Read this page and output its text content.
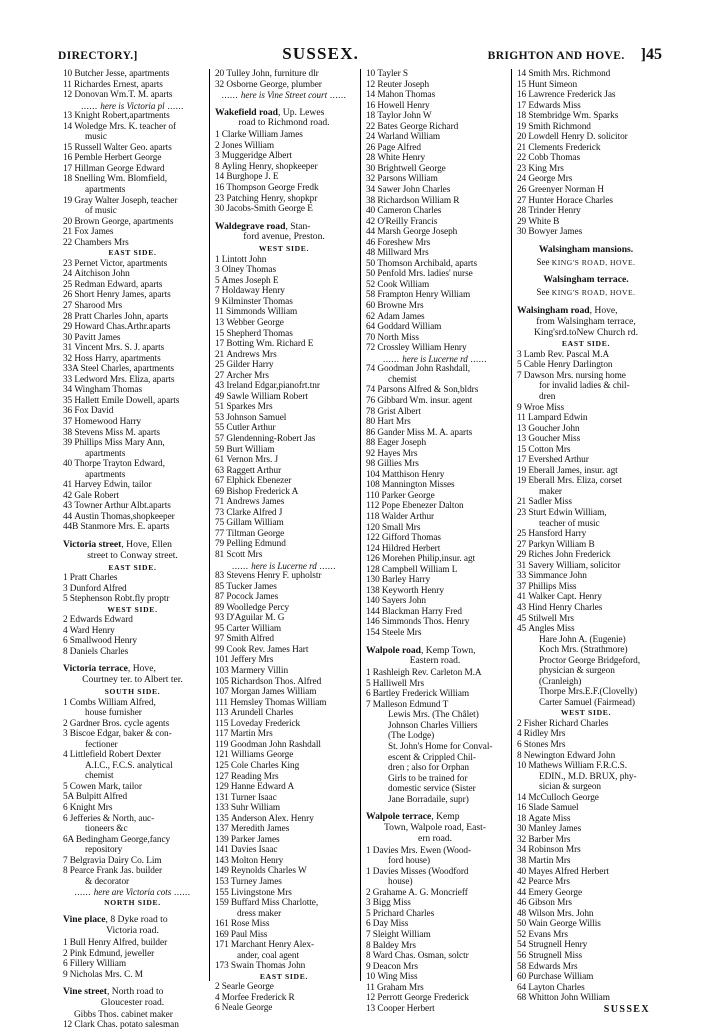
DIRECTORY.]	SUSSEX.	BRIGHTON AND HOVE. ]45

10 Butcher Jesse, apartments

11 Richardes Ernest, aparts

12 Donovan Wm.T. M. aparts

...... here is Victoria pl ......

13 Knight Robert,apartments

14 Woledge Mrs. K. teacher of

music

15 Russell Walter Geo. aparts

16 Pemble Herbert George

17 Hillman George Edward

18 Snelling Wm. Blomfield,

apartments

19 Gray Walter Joseph, teacher

of music

20 Brown George, apartments

21 Fox James

22 Chambers Mrs

EAST SIDE.

23 Pernet Victor, apartments

24 Aitchison John

25 Redman Edward, aparts

26 Short Henry James, aparts

27 Sharood Mrs

28 Pratt Charles John, aparts

29 Howard Chas.Arthr.aparts

30 Pavitt James

31 Vincent Mrs. S. J. aparts

32 Hoss Harry, apartments

33A Steel Charles, apartments

33 Ledword Mrs. Eliza, aparts

34 Wingham Thomas

35 Hallett Emile Dowell, aparts

36 Fox David

37 Homewood Harry

38 Stevens Miss M. aparts

39 Phillips Miss Mary Ann,

apartments

40 Thorpe Trayton Edward,

apartments

41 Harvey Edwin, tailor

42 Gale Robert

43 Towner Arthur Albt.aparts

44 Austin Thomas,shopkeeper

44B Stanmore Mrs. E. aparts

Victoria street, Hove, Ellen

street to Conway street.

EAST SIDE.

1 Pratt Charles

3 Dunford Alfred

5 Stephenson Robt.fly proptr

WEST SIDE.

2 Edwards Edward

4 Ward Henry

6 Smallwood Henry

8 Daniels Charles

Victoria terrace, Hove,

Courtney ter. to Albert ter.

SOUTH SIDE.

1 Combs William Alfred,

house furnisher

2 Gardner Bros. cycle agents

3 Biscoe Edgar, baker & con-

fectioner

4 Littlefield Robert Dexter

A.I.C., F.C.S. analytical

chemist

5 Cowen Mark, tailor

5A Bulpitt Alfred

6 Knight Mrs

6 Jefferies & North, auc-

tioneers &c

6A Bedingham George,fancy

repository

7 Belgravia Dairy Co. Lim

8 Pearce Frank Jas. builder

& decorator

...... here are Victoria cots ......

NORTH SIDE.

Vine place, 8 Dyke road to

Victoria road.

1 Bull Henry Alfred, builder

2 Pink Edmund, jeweller

6 Fillery William

9 Nicholas Mrs. C. M

Vine street, North road to

Gloucester road.

Gibbs Thos. cabinet maker

12 Clark Chas. potato salesman

20 Tulley John, furniture dlr

32 Osborne George, plumber

...... here is Vine Street court ......

Wakefield road, Up. Lewes

road to Richmond road.

1 Clarke William James

2 Jones William

3 Muggeridge Albert

8 Ayling Henry, shopkeeper

14 Burghope J. E

16 Thompson George Fredk

23 Patching Henry, shopkpr

30 Jacobs-Smith George E

Waldegrave road, Stan-

ford avenue, Preston.

WEST SIDE.

1 Lintott John

3 Olney Thomas

5 Ames Joseph E

7 Holdaway Henry

9 Kilminster Thomas

11 Simmonds William

13 Webber George

15 Shepherd Thomas

17 Botting Wm. Richard E

21 Andrews Mrs

25 Gilder Harry

27 Archer Mrs

43 Ireland Edgar,pianofrt.tnr

49 Sawle William Robert

51 Sparkes Mrs

53 Johnson Samuel

55 Cutler Arthur

57 Glendenning-Robert Jas

59 Burt William

61 Vernon Mrs. J

63 Raggett Arthur

67 Elphick Ebenezer

69 Bishop Frederick A

71 Andrews James

73 Clarke Alfred J

75 Gillam William

77 Tiltman George

79 Pelling Edmund

81 Scott Mrs

...... here is Lucerne rd ......

83 Stevens Henry F. upholstr

85 Tucker James

87 Pocock James

89 Woolledge Percy

93 D'Aguilar M. G

95 Carter William

97 Smith Alfred

99 Cook Rev. James Hart

101 Jeffery Mrs

103 Marmery Villin

105 Richardson Thos. Alfred

107 Morgan James William

111 Hemsley Thomas William

113 Arundell Charles

115 Loveday Frederick

117 Martin Mrs

119 Goodman John Rashdall

121 Williams George

125 Cole Charles King

127 Reading Mrs

129 Hanne Edward A

131 Turner Isaac

133 Suhr William

135 Anderson Alex. Henry

137 Meredith James

139 Parker James

141 Davies Isaac

143 Molton Henry

149 Reynolds Charles W

153 Turney James

155 Livingstone Mrs

159 Buffard Miss Charlotte,

dress maker

161 Rose Miss

169 Paul Miss

171 Marchant Henry Alex-

ander, coal agent

173 Swain Thomas John

EAST SIDE.

2 Searle George

4 Morfee Frederick R

6 Neale George

10 Tayler S

12 Reuter Joseph

14 Mahon Thomas

16 Howell Henry

18 Taylor John W

22 Bates George Richard

24 Warland William

26 Page Alfred

28 White Henry

30 Brightwell George

32 Parsons William

34 Sawer John Charles

38 Richardson William R

40 Cameron Charles

42 O'Reilly Francis

44 Marsh George Joseph

46 Foreshew Mrs

48 Millward Mrs

50 Thomson Archibald, aparts

50 Penfold Mrs. ladies' nurse

52 Cook William

58 Frampton Henry William

60 Browne Mrs

62 Adam James

64 Goddard William

70 North Miss

72 Crossley William Henry

...... here is Lucerne rd ......

74 Goodman John Rashdall,

chemist

74 Parsons Alfred & Son,bldrs

76 Gibbard Wm. insur. agent

78 Grist Albert

80 Hart Mrs

86 Gander Miss M. A. aparts

88 Eager Joseph

92 Hayes Mrs

98 Gillies Mrs

104 Matthison Henry

108 Mannington Misses

110 Parker George

112 Pope Ebenezer Dalton

118 Walder Arthur

120 Small Mrs

122 Gifford Thomas

124 Hildred Herbert

126 Morehen Philip,insur. agt

128 Campbell William L

130 Barley Harry

138 Keyworth Henry

140 Sayers John

144 Blackman Harry Fred

146 Simmonds Thos. Henry

154 Steele Mrs

Walpole road, Kemp Town,

Eastern road.

1 Rashleigh Rev. Carleton M.A

5 Halliwell Mrs

6 Bartley Frederick William

7 Malleson Edmund T

Lewis Mrs. (The Châlet)

Johnson Charles Villiers

(The Lodge)

St. John's Home for Conval-

escent & Crippled Chil-

dren ; also for Orphan

Girls to be trained for

domestic service (Sister

Jane Borradaile, supr)

Walpole terrace, Kemp

Town, Walpole road, East-

ern road.

1 Davies Mrs. Ewen (Wood-

ford house)

1 Davies Misses (Woodford

house)

2 Grahame A. G. Moncrieff

3 Bigg Miss

5 Prichard Charles

6 Day Miss

7 Sleight William

8 Baldey Mrs

8 Ward Chas. Osman, solctr

9 Deacon Mrs

10 Wing Miss

11 Graham Mrs

12 Perrott George Frederick

13 Cooper Herbert

14 Smith Mrs. Richmond

15 Hunt Simeon

16 Lawrence Frederick Jas

17 Edwards Miss

18 Stembridge Wm. Sparks

19 Smith Richmond

20 Lowdell Henry D. solicitor

21 Clements Frederick

22 Cobb Thomas

23 King Mrs

24 George Mrs

26 Greenyer Norman H

27 Hunter Horace Charles

28 Trinder Henry

29 White B

30 Bowyer James

Walsingham mansions.

See KING'S ROAD, HOVE.

Walsingham terrace.

See KING'S ROAD, HOVE.

Walsingham road, Hove,

from Walsingham terrace,

King'srd.toNew Church rd.

EAST SIDE.

3 Lamb Rev. Pascal M.A

5 Cable Henry Darlington

7 Dawson Mrs. nursing home

for invalid ladies & chil-

dren

9 Wroe Miss

11 Lampard Edwin

13 Goucher John

13 Goucher Miss

15 Cotton Mrs

17 Evershed Arthur

19 Eberall James, insur. agt

19 Eberall Mrs. Eliza, corset

maker

21 Sadler Miss

23 Sturt Edwin William,

teacher of music

25 Hansford Harry

27 Parkyn William B

29 Riches John Frederick

31 Savery William, solicitor

33 Simmance John

37 Phillips Miss

41 Walker Capt. Henry

43 Hind Henry Charles

45 Stilwell Mrs

45 Angles Miss

Hare John A. (Eugenie)

Koch Mrs. (Strathmore)

Proctor George Bridgeford,

physician & surgeon

(Cranleigh)

Thorpe Mrs.E.F.(Clovelly)

Carter Samuel (Fairmead)

WEST SIDE.

2 Fisher Richard Charles

4 Ridley Mrs

6 Stones Mrs

8 Newington Edward John

10 Mathews William F.R.C.S.

EDIN., M.D. BRUX, phy-

sician & surgeon

14 McCulloch George

16 Slade Samuel

18 Agate Miss

30 Manley James

32 Barber Mrs

34 Robinson Mrs

38 Martin Mrs

40 Mayes Alfred Herbert

42 Pearce Mrs

44 Emery George

46 Gibson Mrs

48 Wilson Mrs. John

50 Wain George Willis

52 Evans Mrs

54 Strugnell Henry

56 Strugnell Miss

58 Edwards Mrs

60 Purchase William

64 Layton Charles

68 Whitton John William

SUSSEX
